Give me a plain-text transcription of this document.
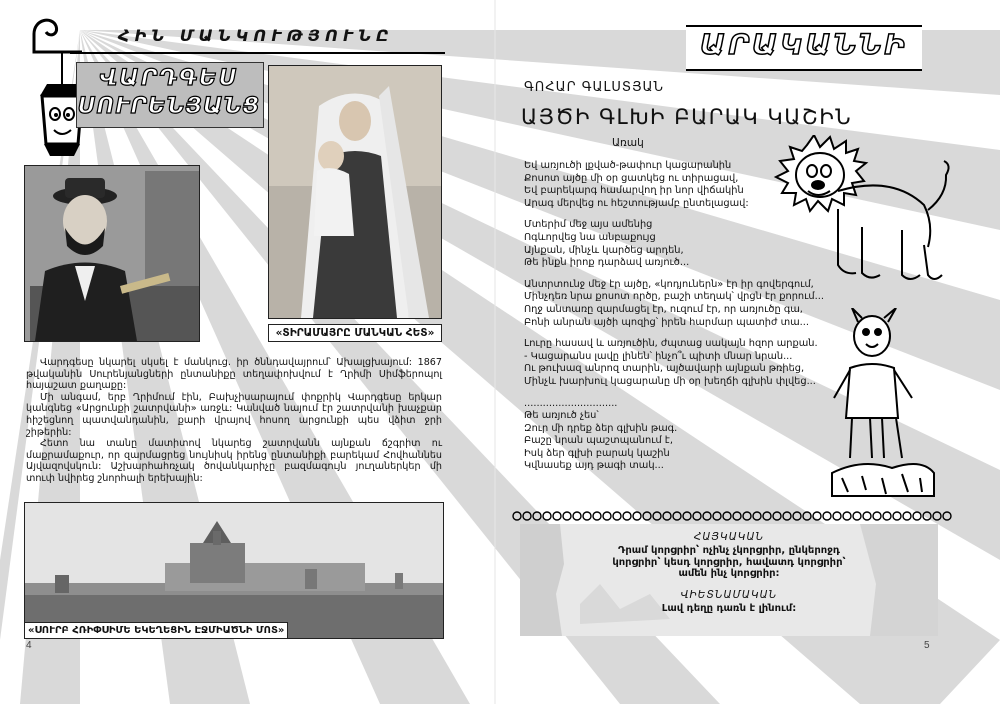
ՀԻՆ ՄԱՆԿՈՒԹՅՈՒՆԸ
ՎԱՐԴԳԵՍ
ՍՈՒՐԵՆՅԱՆՑ
«ՏԻՐԱՄԱՅՐԸ ՄԱՆԿԱՆ ՀԵՏ»

Վարդգեսը նկարել սկսել է մանկուց. իր ծննդավայրում՝ Ախալցխայում: 1867 թվականին Սուրենյանցների ընտանիքը տեղափոխվում է Ղրիմի Սիմֆերոպոլ հայաշատ քաղաքը:

Մի անգամ, երբ Ղրիմում էին, Բախչիսարայում փոքրիկ Վարդգեսը երկար կանգնեց «Արցունքի շատրվանի» առջև: Կանված նայում էր շատրվանի խաչքար հիշեցնող պատվանդանին, քարի վրայով հոսող արցունքի պես վձիտ ջրի շիթերին:

Հետո նա տանը մատիտով նկարեց շատրվանն այնքան ճշգրիտ ու մաքրամաքուր, որ զարմացրեց նույնիսկ իրենց ընտանիքի բարեկամ Հովհաննես Այվազովսկուն: Աշխարհահռչակ ծովանկարիչը բազմագույն յուղաներկեր մի տուփ նվիրեց շնորհալի երեխային:

«ՍՈՒՐԲ ՀՌԻՓՍԻՄԵ ԵԿԵՂԵՑԻՆ ԷՋՄԻԱԾՆԻ ՄՈՏ»
4
ԱՐԱԿԱՆՆԻ
ԳՈՀԱՐ ԳԱԼՍՏՅԱՆ
ԱՅԾԻ ԳԼԽԻ ԲԱՐԱԿ ԿԱՇԻՆ
Առակ
Եվ առյուծի լքված-թափուր կացարանին
Քոսոտ այծը մի օր ցատկեց ու տիրացավ,
Եվ բարեկարգ համարվող իր նոր վիճակին
Արագ մերվեց ու հեշտությամբ ընտելացավ:
Մտերիմ մեջ այս ամենից
Ոգևորվեց նա անբաքույց
Այնքան, մինչև կարծեց արդեն,
Թե ինքն իրոք դարձավ առյուծ...
Անտրտունջ մեջ էր այծը, «կոդյուներն» էր իր գովերգում,
Մինչդեռ նրա քոսոտ ործը, բաշի տեղակ՝ վրցն էր քորում...
Ողջ անտառը զարմացել էր, ուզում էր, որ առյուծը գա,
Բոնի անրան այծի պոզից՝ իրեն հարմար պատիժ տա...
Լուրը հասավ և առյուծին, ժպտաց սակայն հզոր արքան.
- Կացարանս լավը լինեն՝ ինչո՞ւ պիտի մնար նրան...
Ու թուխազ անրոզ տարին, այծավարի այնքան թռիեց,
Մինչև խարխուլ կացարանը մի օր խեղճի գլխին փլվեց...
..............................
Թե առյուծ չես՝
Զուր մի դրեք ձեր գլխին թագ.
Բաշը նրան պաշտպանում է,
Իսկ ձեր գլխի բարակ կաշին
Կվնասեք այդ թագի տակ...
ՀԱՅԿԱԿԱՆ
Դրամ կորցրիր՝ ոչինչ չկորցրիր, ընկերոջդ
կորցրիր՝ կեսդ կորցրիր, հավատդ կորցրիր՝
ամեն ինչ կորցրիր:
ՎԻԵՏՆԱՄԱԿԱՆ
Լավ դեղը դառն է լինում:
5
